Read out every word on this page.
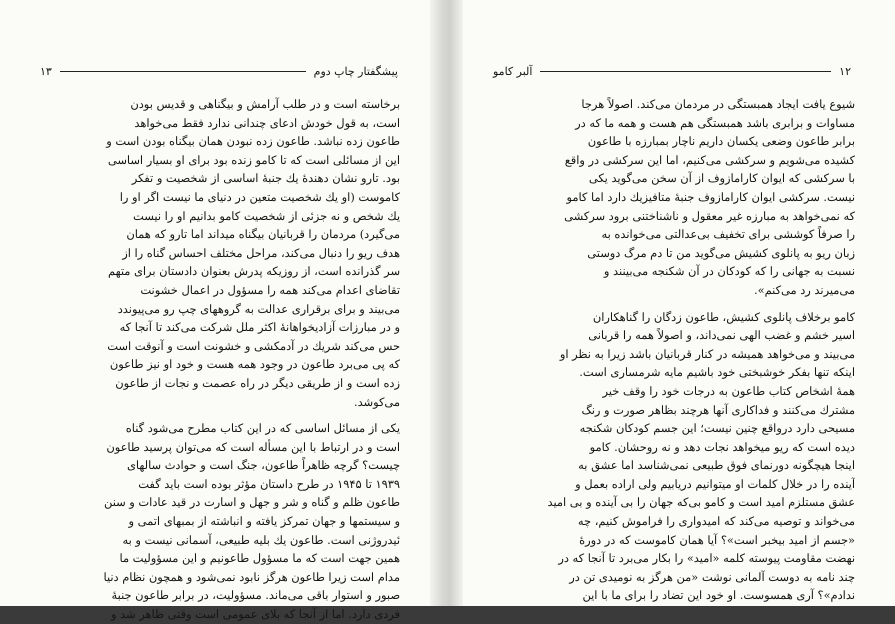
پیشگفتار چاپ دوم
۱۳
برخاسته است و در طلب آرامش و بیگناهی و قدیس بودن
است، به قول خودش ادعای چندانی ندارد فقط می‌خواهد
طاعون زده نباشد. طاعون زده نبودن همان بیگناه بودن است و
این از مسائلی است که تا کامو زنده بود برای او بسیار اساسی
بود. تارو نشان دهندهٔ یك جنبهٔ اساسی از شخصیت و تفکر
کاموست (او یك شخصیت متعین در دنیای ما نیست اگر او را
یك شخص و نه جزئی از شخصیت کامو بدانیم او را نیست
می‌گیرد) مردمان را قربانیان بیگناه میداند اما تارو که همان
هدف ریو را دنبال می‌کند، مراحل مختلف احساس گناه را از
سر گذرانده است، از روزیکه پدرش بعنوان دادستان برای متهم
تقاضای اعدام می‌کند همه را مسؤول در اعمال خشونت
می‌بیند و برای برقراری عدالت به گروههای چپ رو می‌پیوندد
و در مبارزات آزادیخواهانهٔ اکثر ملل شرکت می‌کند تا آنجا که
حس می‌کند شریك در آدمکشی و خشونت است و آنوقت است
که پی می‌برد طاعون در وجود همه هست و خود او نیز طاعون
زده است و از طریقی دیگر در راه عصمت و نجات از طاعون
می‌کوشد.
یکی از مسائل اساسی که در این کتاب مطرح می‌شود گناه
است و در ارتباط با این مسأله است که می‌توان پرسید طاعون
چیست؟ گرچه ظاهراً طاعون، جنگ است و حوادث سالهای
۱۹۳۹ تا ۱۹۴۵ در طرح داستان مؤثر بوده است باید گفت
طاعون ظلم و گناه و شر و جهل و اسارت در قید عادات و سنن
و سیستمها و جهان تمرکز یافته و انباشته از بمبهای اتمی و
ئیدروژنی است. طاعون یك بلیه طبیعی، آسمانی نیست و به
همین جهت است که ما مسؤول طاعونیم و این مسؤولیت ما
مدام است زیرا طاعون هرگز نابود نمی‌شود و همچون نظام دنیا
صبور و استوار باقی می‌ماند. مسؤولیت، در برابر طاعون جنبهٔ
فردی دارد. اما از آنجا که بلای عمومی است وقتی ظاهر شد و
۱۲
آلبر کامو
شیوع یافت ایجاد همبستگی در مردمان می‌کند. اصولاً هرجا
مساوات و برابری باشد همبستگی هم هست و همه ما که در
برابر طاعون وضعی یکسان داریم ناچار بمبارزه با طاعون
کشیده می‌شویم و سرکشی می‌کنیم، اما این سرکشی در واقع
با سرکشی که ایوان کارامازوف از آن سخن می‌گوید یکی
نیست. سرکشی ایوان کارامازوف جنبهٔ متافیزیك دارد اما کامو
که نمی‌خواهد به مبارزه غیر معقول و ناشناختنی برود سرکشی
را صرفاً کوششی برای تخفیف بی‌عدالتی می‌خوانده به
زبان ریو به پانلوی کشیش می‌گوید من تا دم مرگ دوستی
نسبت به جهانی را که کودکان در آن شکنجه می‌بینند و
می‌میرند رد می‌کنم».
کامو برخلاف پانلوی کشیش، طاعون زدگان را گناهکاران
اسیر خشم و غضب الهی نمی‌داند، و اصولاً همه را قربانی
می‌بیند و می‌خواهد همیشه در کنار قربانیان باشد زیرا به نظر او
اینکه تنها بفکر خوشبختی خود باشیم مایه شرمساری است.
همهٔ اشخاص کتاب طاعون به درجات خود را وقف خیر
مشترك می‌کنند و فداکاری آنها هرچند بظاهر صورت و رنگ
مسیحی دارد درواقع چنین نیست؛ این جسم کودکان شکنجه
دیده است که ریو میخواهد نجات دهد و نه روحشان. کامو
اینجا هیچگونه دورنمای فوق طبیعی نمی‌شناسد اما عشق به
آینده را در خلال کلمات او میتوانیم دریابیم ولی اراده بعمل و
عشق مستلزم امید است و کامو بی‌که جهان را بی آینده و بی امید
می‌خواند و توصیه می‌کند که امیدواری را فراموش کنیم، چه
«جسم از امید بیخبر است»؟ آیا همان کاموست که در دورهٔ
نهضت مقاومت پیوسته کلمه «امید» را بکار می‌برد تا آنجا که در
چند نامه به دوست آلمانی نوشت «من هرگز به نومیدی تن در
ندادم»؟ آری همسوست. او خود این تضاد را برای ما با این
